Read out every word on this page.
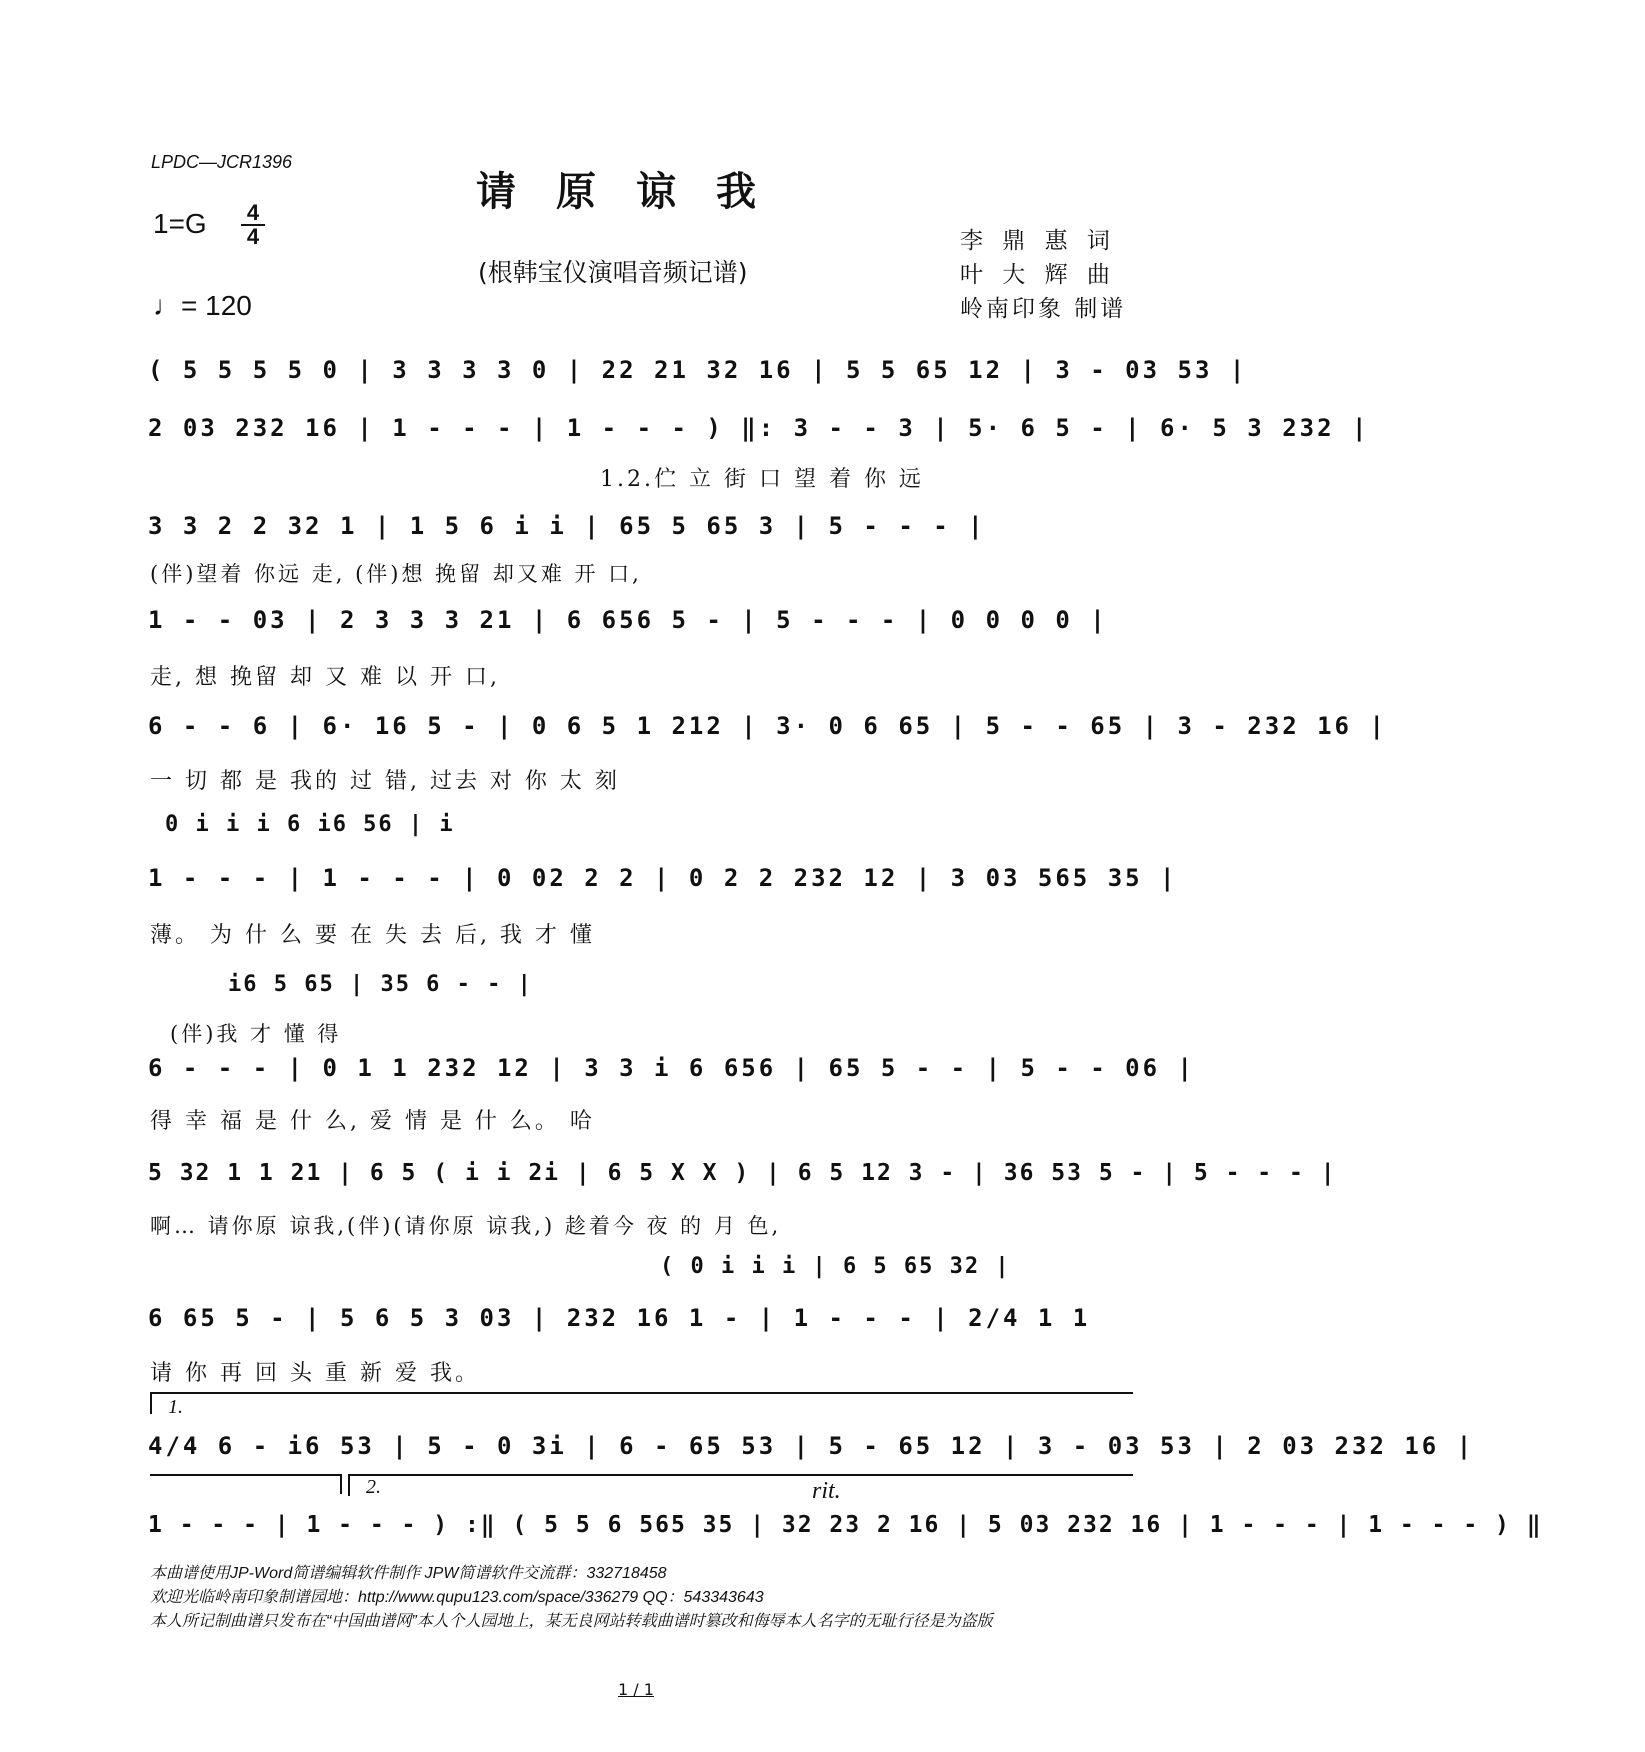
LPDC—JCR1396
请原谅我
1=G	4
4
♩= 120
(根韩宝仪演唱音频记谱)
李 鼎 惠 词
叶 大 辉 曲
岭南印象 制谱
( 5 5 5 5 0 | 3 3 3 3 0 | 22 21 32 16 | 5 5 65 12 | 3 - 03 53 |
2 03 232 16 | 1 - - - | 1 - - - ) ‖: 3 - - 3 | 5· 6 5 - | 6· 5 3 232 |
1.2.伫 立 街 口 望 着 你 远
3 3 2 2 32 1 | 1 5 6 i i | 65 5 65 3 | 5 - - - |
(伴)望着 你远 走, (伴)想 挽留 却又难 开 口,
1 - - 03 | 2 3 3 3 21 | 6 656 5 - | 5 - - - | 0 0 0 0 |
走, 想 挽留 却 又 难 以 开 口,
6 - - 6 | 6· 16 5 - | 0 6 5 1 212 | 3· 0 6 65 | 5 - - 65 | 3 - 232 16 |
一 切 都 是 我的 过 错, 过去 对 你 太 刻
0 i i i 6 i6 56 | i
1 - - - | 1 - - - | 0 02 2 2 | 0 2 2 232 12 | 3 03 565 35 |
薄。 为 什 么 要 在 失 去 后, 我 才 懂
i6 5 65 | 35 6 - - |
(伴)我 才 懂 得
6 - - - | 0 1 1 232 12 | 3 3 i 6 656 | 65 5 - - | 5 - - 06 |
得 幸 福 是 什 么, 爱 情 是 什 么。 哈
5 32 1 1 21 | 6 5 ( i i 2i | 6 5 X X ) | 6 5 12 3 - | 36 53 5 - | 5 - - - |
啊… 请你原 谅我,(伴)(请你原 谅我,) 趁着今 夜 的 月 色,
( 0 i i i | 6 5 65 32 |
6 65 5 - | 5 6 5 3 03 | 232 16 1 - | 1 - - - | 2/4 1 1
请 你 再 回 头 重 新 爱 我。
1.
4/4 6 - i6 53 | 5 - 0 3i | 6 - 65 53 | 5 - 65 12 | 3 - 03 53 | 2 03 232 16 |
2.	rit.
1 - - - | 1 - - - ) :‖ ( 5 5 6 565 35 | 32 23 2 16 | 5 03 232 16 | 1 - - - | 1 - - - ) ‖
本曲谱使用JP-Word简谱编辑软件制作 JPW简谱软件交流群：332718458
欢迎光临岭南印象制谱园地：http://www.qupu123.com/space/336279 QQ：543343643
本人所记制曲谱只发布在“中国曲谱网”本人个人园地上，某无良网站转载曲谱时篡改和侮辱本人名字的无耻行径是为盗版
1 / 1
